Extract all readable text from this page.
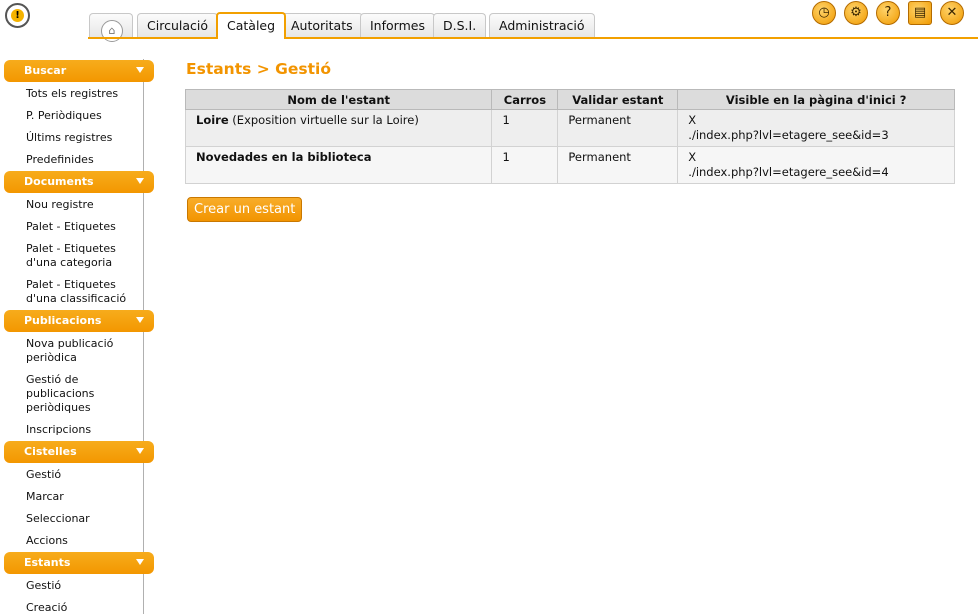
!
⌂	Circulació	Catàleg	Autoritats	Informes	D.S.I.	Administració
◷	⚙	?	▤	✕
Buscar
Tots els registres
P. Periòdiques
Últims registres
Predefinides
Documents
Nou registre
Palet - Etiquetes
Palet - Etiquetes d'una categoria
Palet - Etiquetes d'una classificació
Publicacions
Nova publicació periòdica
Gestió de publicacions periòdiques
Inscripcions
Cistelles
Gestió
Marcar
Seleccionar
Accions
Estants
Gestió
Creació
Estants > Gestió
Nom de l'estant	Carros	Validar estant	Visible en la pàgina d'inici ?
Loire (Exposition virtuelle sur la Loire)	1	Permanent	X
./index.php?lvl=etagere_see&id=3

Novedades en la biblioteca	1	Permanent	X
./index.php?lvl=etagere_see&id=4
Crear un estant
